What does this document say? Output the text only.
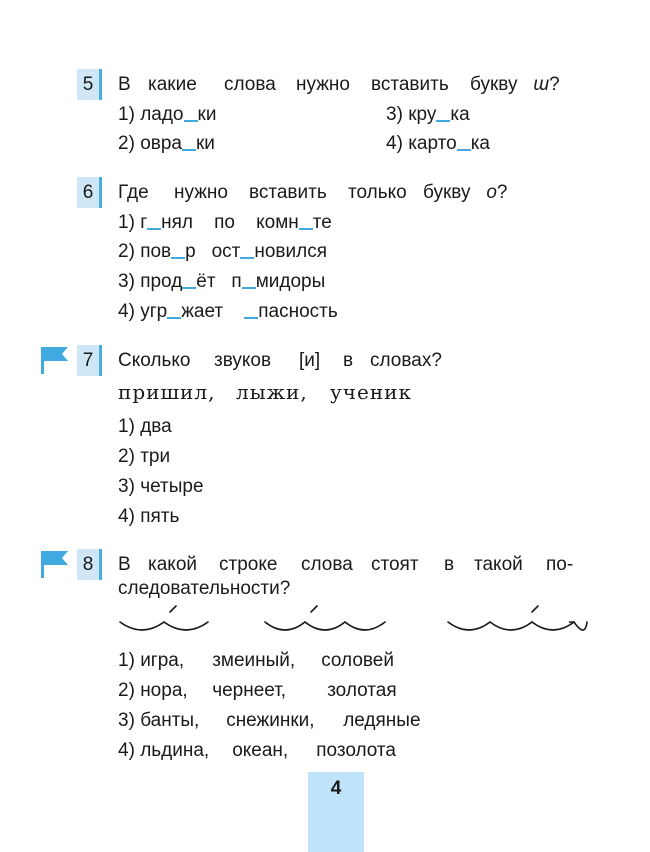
5	В какие слова нужно вставить букву ш?
1) ладо ки	3) кру ка
2) овра ки	4) карто ка
6	Где нужно вставить только букву о?
1) г нял по комн те
2) пов р ост новился
3) прод ёт п мидоры
4) угр жает пасность
7	Сколько звуков [и] в словах?
пришил, лыжи, ученик
1) два
2) три
3) четыре
4) пять
8	В какой строке слова стоят в такой по-
следовательности?
1) игра, змеиный, соловей
2) нора, чернеет, золотая
3) банты, снежинки, ледяные
4) льдина, океан, позолота
4
